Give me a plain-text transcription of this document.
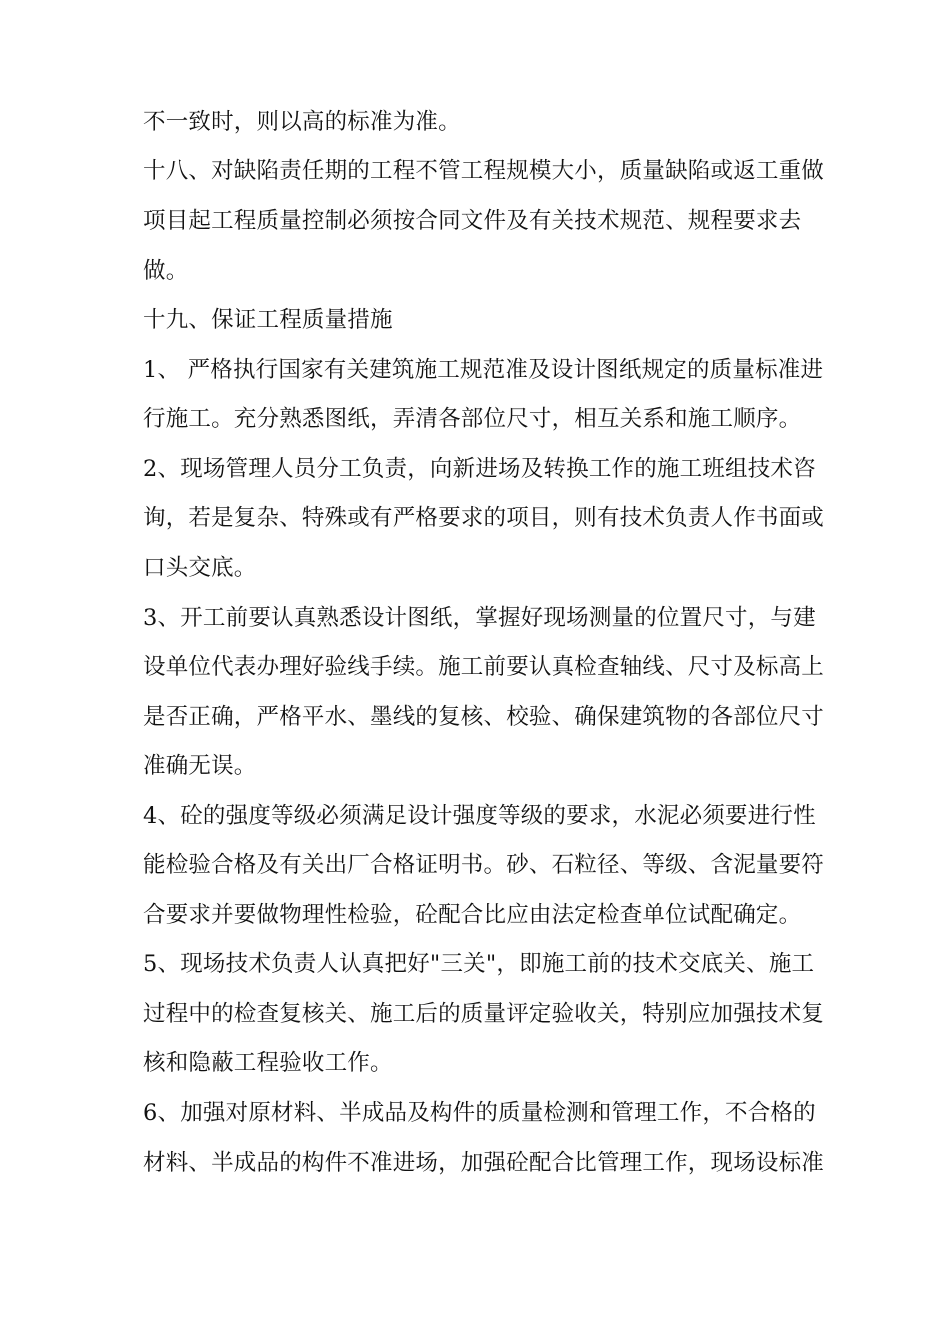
不一致时，则以高的标准为准。
十八、对缺陷责任期的工程不管工程规模大小，质量缺陷或返工重做
项目起工程质量控制必须按合同文件及有关技术规范、规程要求去
做。
十九、保证工程质量措施
1、 严格执行国家有关建筑施工规范准及设计图纸规定的质量标准进
行施工。充分熟悉图纸，弄清各部位尺寸，相互关系和施工顺序。
2、现场管理人员分工负责，向新进场及转换工作的施工班组技术咨
询，若是复杂、特殊或有严格要求的项目，则有技术负责人作书面或
口头交底。
3、开工前要认真熟悉设计图纸，掌握好现场测量的位置尺寸，与建
设单位代表办理好验线手续。施工前要认真检查轴线、尺寸及标高上
是否正确，严格平水、墨线的复核、校验、确保建筑物的各部位尺寸
准确无误。
4、砼的强度等级必须满足设计强度等级的要求，水泥必须要进行性
能检验合格及有关出厂合格证明书。砂、石粒径、等级、含泥量要符
合要求并要做物理性检验，砼配合比应由法定检查单位试配确定。
5、现场技术负责人认真把好"三关"，即施工前的技术交底关、施工
过程中的检查复核关、施工后的质量评定验收关，特别应加强技术复
核和隐蔽工程验收工作。
6、加强对原材料、半成品及构件的质量检测和管理工作，不合格的
材料、半成品的构件不准进场，加强砼配合比管理工作，现场设标准
